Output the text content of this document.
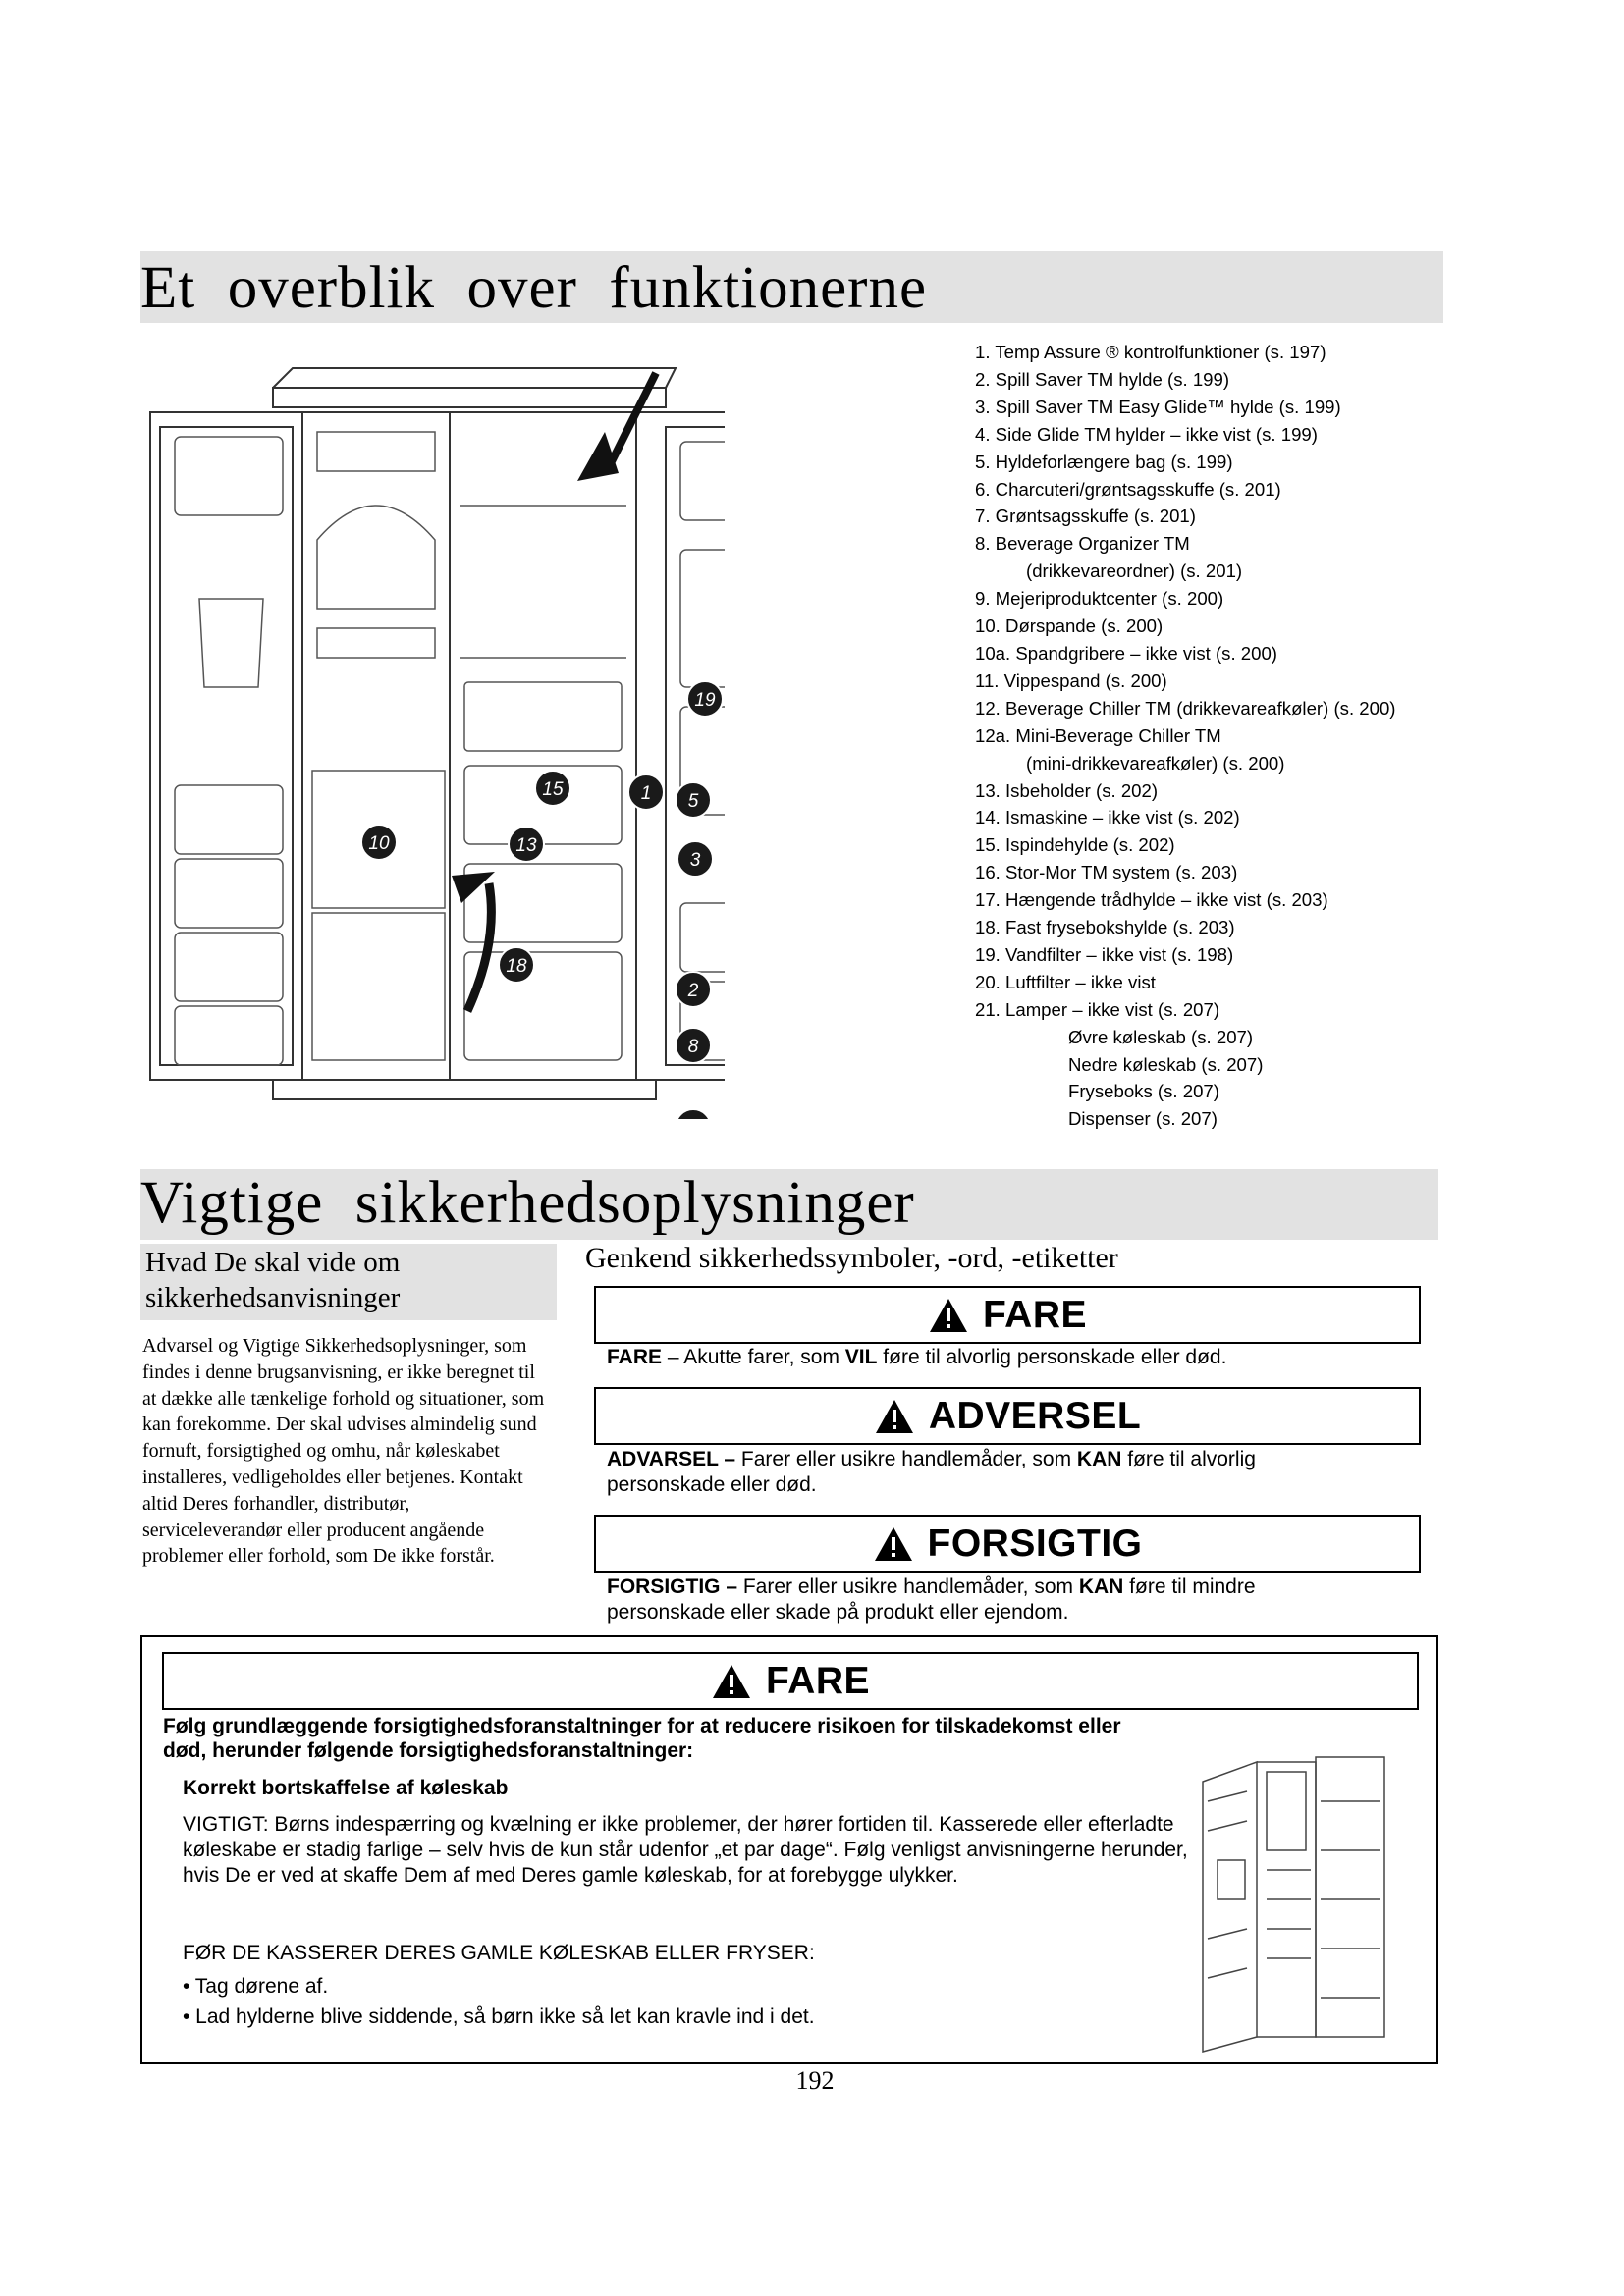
Et  overblik  over  funktionerne
19
15	1 5
10	13
3
18
2
8
1. Temp Assure ® kontrolfunktioner (s. 197)
2. Spill Saver TM hylde (s. 199)
3. Spill Saver TM Easy Glide™ hylde (s. 199)
4. Side Glide TM hylder – ikke vist (s. 199)
5. Hyldeforlængere bag (s. 199)
6. Charcuteri/grøntsagsskuffe (s. 201)
7. Grøntsagsskuffe (s. 201)
8. Beverage Organizer TM
(drikkevareordner) (s. 201)
9. Mejeriproduktcenter (s. 200)
10. Dørspande (s. 200)
10a. Spandgribere – ikke vist (s. 200)
11. Vippespand (s. 200)
12. Beverage Chiller TM (drikkevareafkøler) (s. 200)
12a. Mini-Beverage Chiller TM
(mini-drikkevareafkøler) (s. 200)
13. Isbeholder (s. 202)
14. Ismaskine – ikke vist (s. 202)
15. Ispindehylde (s. 202)
16. Stor-Mor TM system (s. 203)
17. Hængende trådhylde – ikke vist (s. 203)
18. Fast frysebokshylde (s. 203)
19. Vandfilter – ikke vist (s. 198)
20. Luftfilter – ikke vist
21. Lamper – ikke vist (s. 207)
Øvre køleskab (s. 207)
Nedre køleskab (s. 207)
Fryseboks (s. 207)
Dispenser (s. 207)
Vigtige  sikkerhedsoplysninger
Hvad De skal vide om sikkerhedsanvisninger
Advarsel og Vigtige Sikkerhedsoplysninger, som findes i denne brugsanvisning, er ikke beregnet til at dække alle tænkelige forhold og situationer, som kan forekomme. Der skal udvises almindelig sund fornuft, forsigtighed og omhu, når køleskabet installeres, vedligeholdes eller betjenes. Kontakt altid Deres forhandler, distributør, serviceleverandør eller producent angående problemer eller forhold, som De ikke forstår.
Genkend sikkerhedssymboler, -ord, -etiketter
FARE
FARE – Akutte farer, som VIL føre til alvorlig personskade eller død.
ADVERSEL
ADVARSEL – Farer eller usikre handlemåder, som KAN føre til alvorlig personskade eller død.
FORSIGTIG
FORSIGTIG – Farer eller usikre handlemåder, som KAN føre til mindre personskade eller skade på produkt eller ejendom.
FARE
Følg grundlæggende forsigtighedsforanstaltninger for at reducere risikoen for tilskadekomst eller død, herunder følgende forsigtighedsforanstaltninger:
Korrekt bortskaffelse af køleskab
VIGTIGT: Børns indespærring og kvælning er ikke problemer, der hører fortiden til. Kasserede eller efterladte køleskabe er stadig farlige – selv hvis de kun står udenfor „et par dage“. Følg venligst anvisningerne herunder, hvis De er ved at skaffe Dem af med Deres gamle køleskab, for at forebygge ulykker.
FØR DE KASSERER DERES GAMLE KØLESKAB ELLER FRYSER:
• Tag dørene af.
• Lad hylderne blive siddende, så børn ikke så let kan kravle ind i det.
192
